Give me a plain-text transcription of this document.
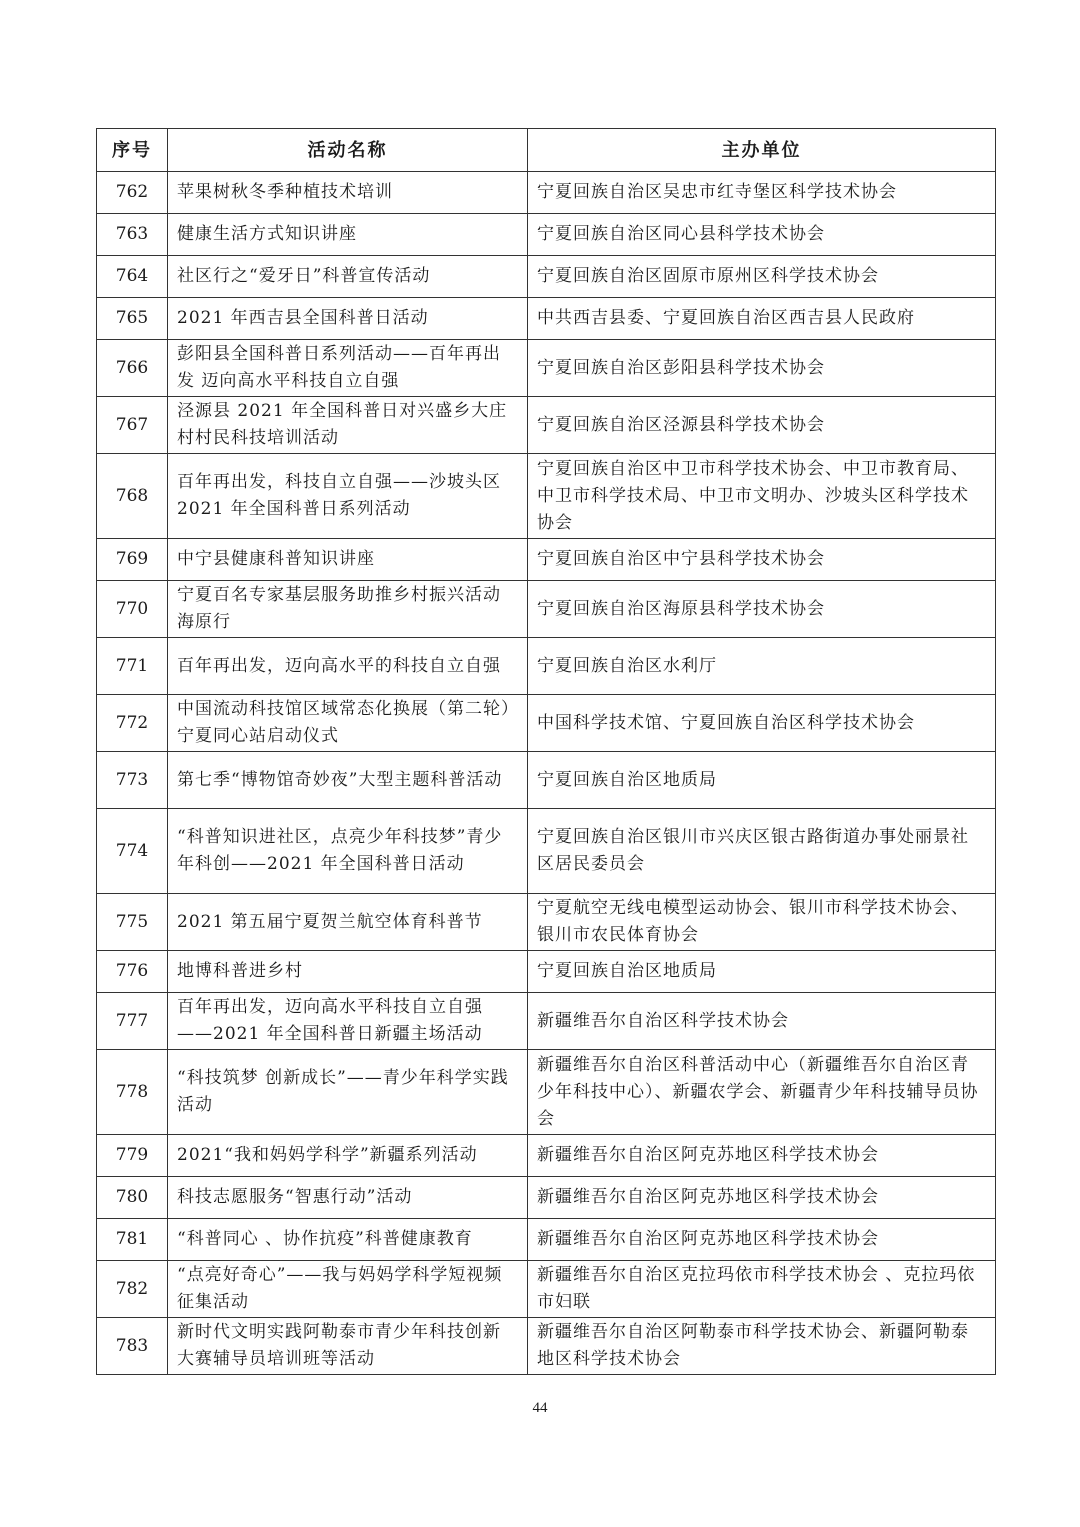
序号	活动名称	主办单位
762	苹果树秋冬季种植技术培训	宁夏回族自治区吴忠市红寺堡区科学技术协会
763	健康生活方式知识讲座	宁夏回族自治区同心县科学技术协会
764	社区行之“爱牙日”科普宣传活动	宁夏回族自治区固原市原州区科学技术协会
765	2021 年西吉县全国科普日活动	中共西吉县委、宁夏回族自治区西吉县人民政府
766	彭阳县全国科普日系列活动——百年再出发 迈向高水平科技自立自强	宁夏回族自治区彭阳县科学技术协会
767	泾源县 2021 年全国科普日对兴盛乡大庄村村民科技培训活动	宁夏回族自治区泾源县科学技术协会
768	百年再出发，科技自立自强——沙坡头区 2021 年全国科普日系列活动	宁夏回族自治区中卫市科学技术协会、中卫市教育局、中卫市科学技术局、中卫市文明办、沙坡头区科学技术协会
769	中宁县健康科普知识讲座	宁夏回族自治区中宁县科学技术协会
770	宁夏百名专家基层服务助推乡村振兴活动海原行	宁夏回族自治区海原县科学技术协会
771	百年再出发，迈向高水平的科技自立自强	宁夏回族自治区水利厅
772	中国流动科技馆区域常态化换展（第二轮）宁夏同心站启动仪式	中国科学技术馆、宁夏回族自治区科学技术协会
773	第七季“博物馆奇妙夜”大型主题科普活动	宁夏回族自治区地质局
774	“科普知识进社区，点亮少年科技梦”青少年科创——2021 年全国科普日活动	宁夏回族自治区银川市兴庆区银古路街道办事处丽景社区居民委员会
775	2021 第五届宁夏贺兰航空体育科普节	宁夏航空无线电模型运动协会、银川市科学技术协会、银川市农民体育协会
776	地博科普进乡村	宁夏回族自治区地质局
777	百年再出发，迈向高水平科技自立自强——2021 年全国科普日新疆主场活动	新疆维吾尔自治区科学技术协会
778	“科技筑梦 创新成长”——青少年科学实践活动	新疆维吾尔自治区科普活动中心（新疆维吾尔自治区青少年科技中心）、新疆农学会、新疆青少年科技辅导员协会
779	2021“我和妈妈学科学”新疆系列活动	新疆维吾尔自治区阿克苏地区科学技术协会
780	科技志愿服务“智惠行动”活动	新疆维吾尔自治区阿克苏地区科学技术协会
781	“科普同心 、协作抗疫”科普健康教育	新疆维吾尔自治区阿克苏地区科学技术协会
782	“点亮好奇心”——我与妈妈学科学短视频征集活动	新疆维吾尔自治区克拉玛依市科学技术协会 、克拉玛依市妇联
783	新时代文明实践阿勒泰市青少年科技创新大赛辅导员培训班等活动	新疆维吾尔自治区阿勒泰市科学技术协会、新疆阿勒泰地区科学技术协会
44
